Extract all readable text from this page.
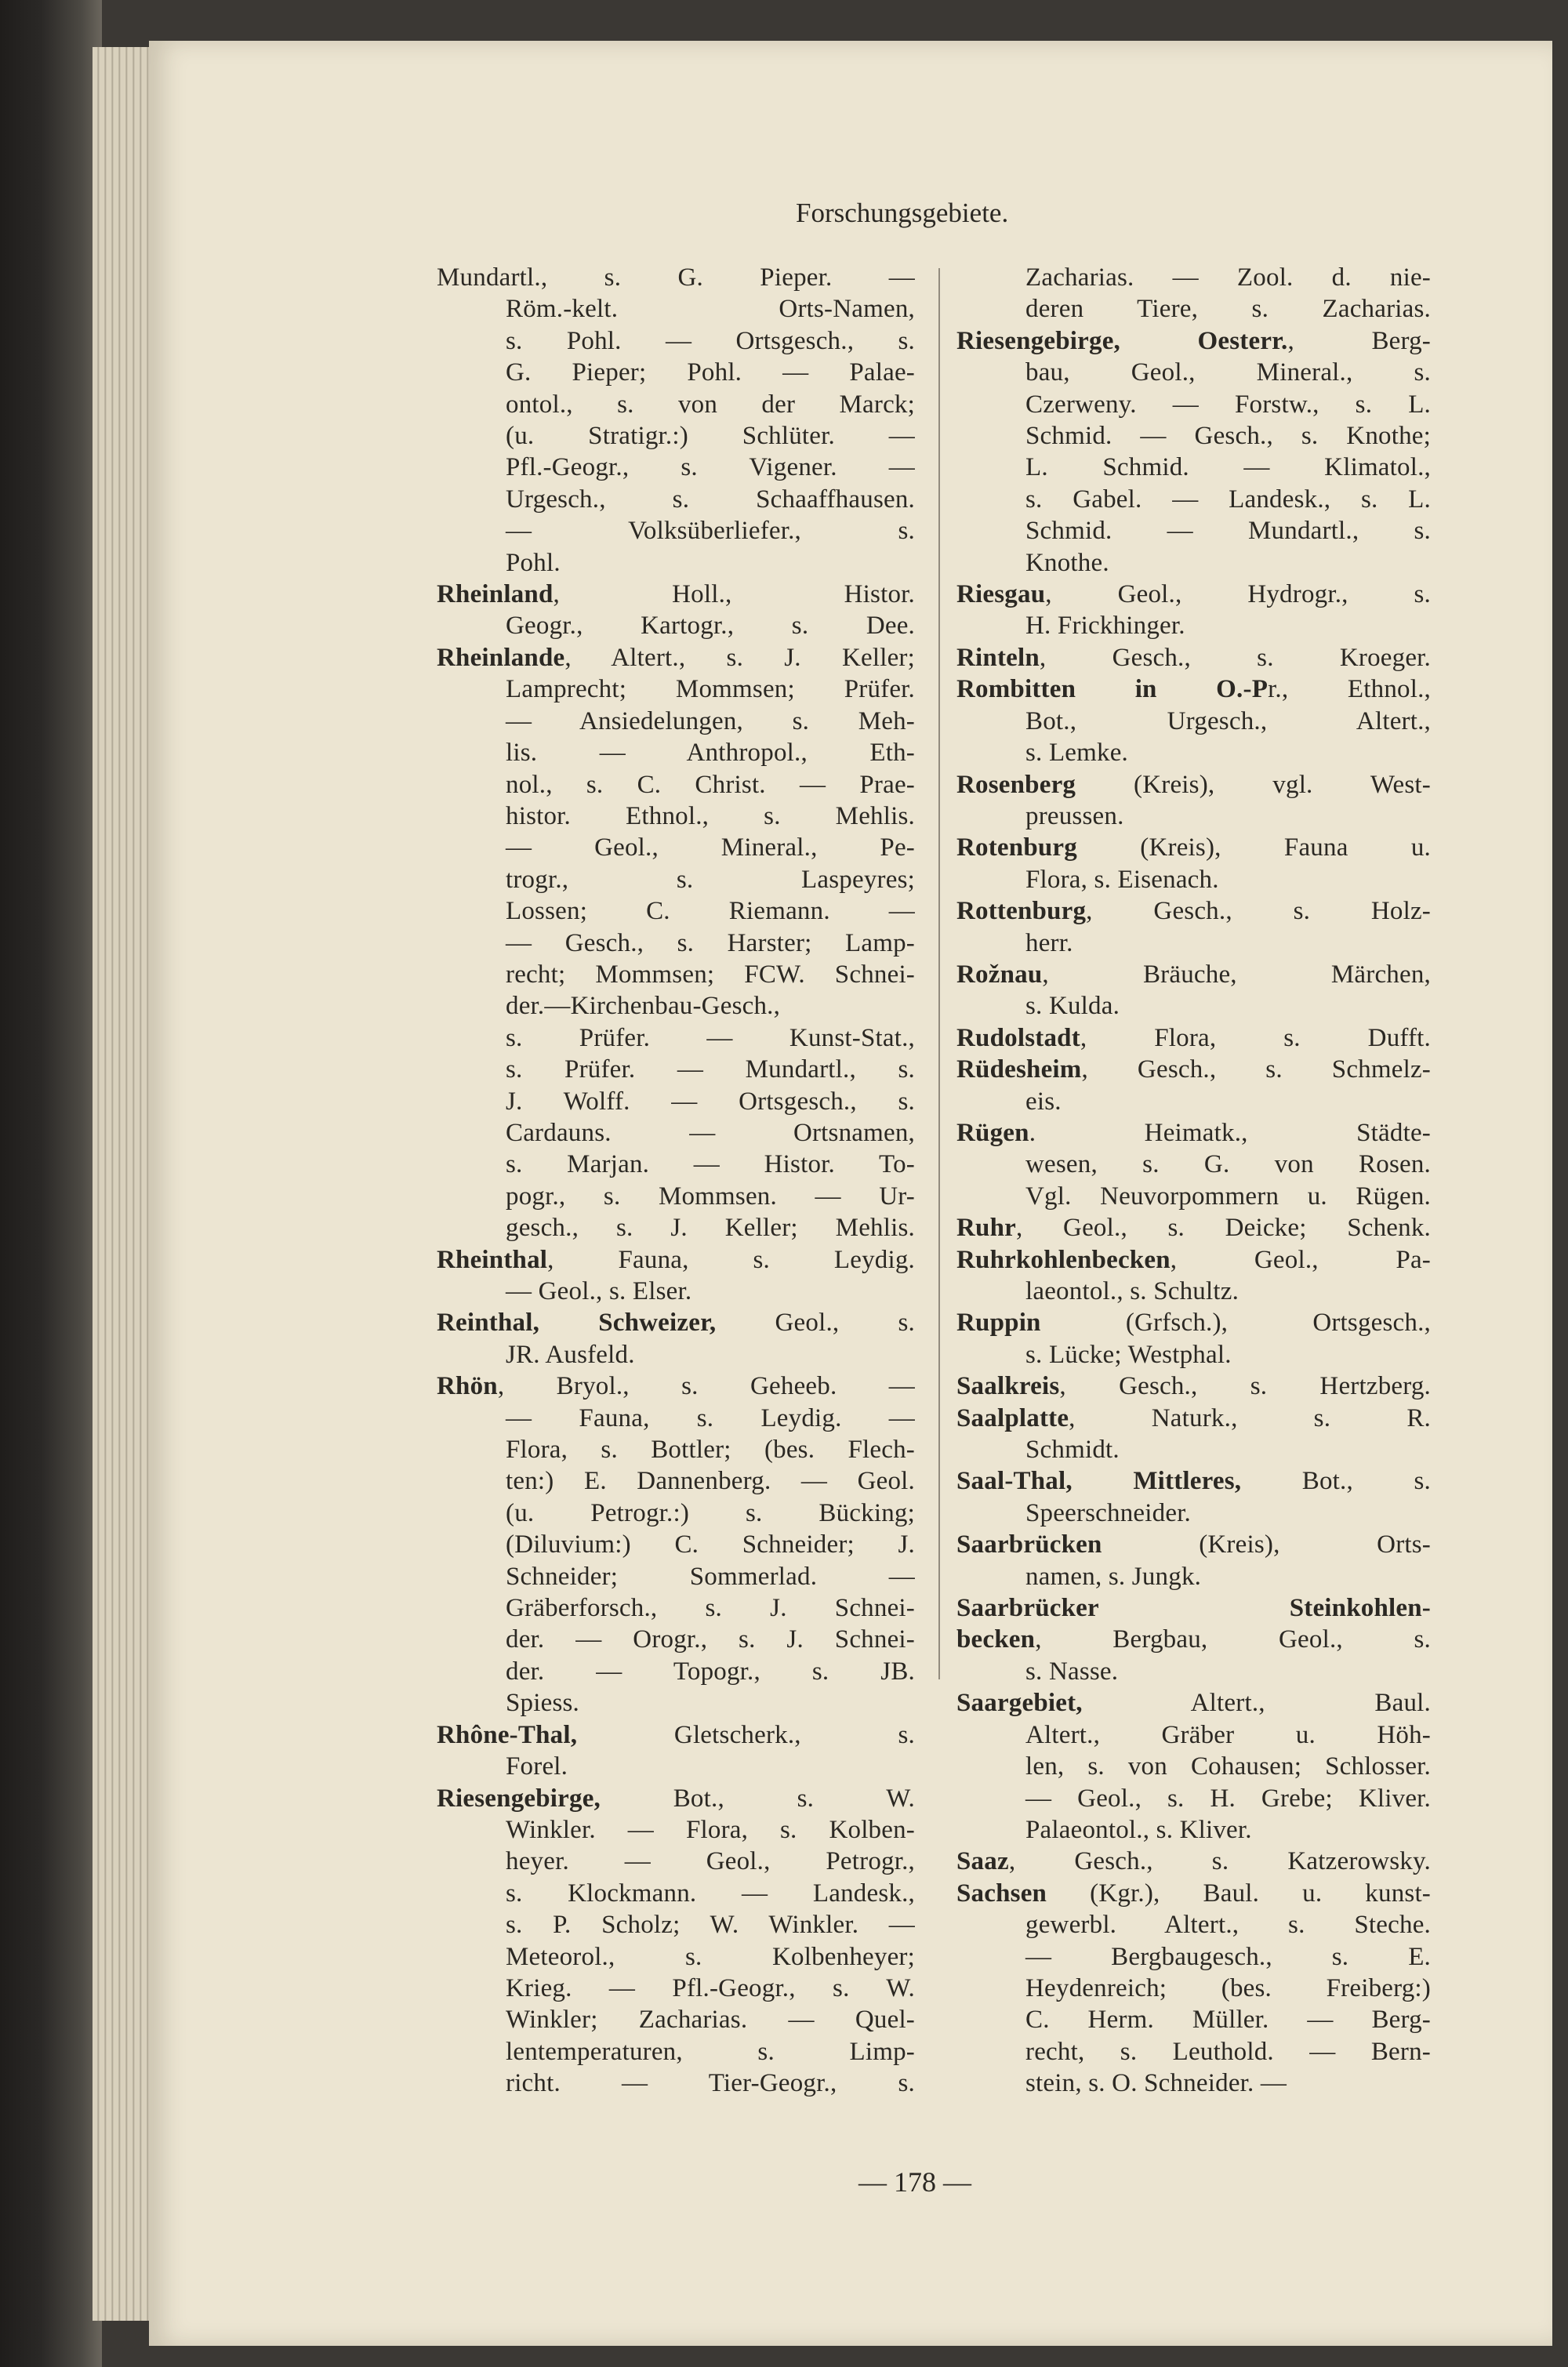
Forschungsgebiete.
Mundartl., s. G. Pieper. —
Röm.-kelt. Orts-Namen,
s. Pohl. — Ortsgesch., s.
G. Pieper; Pohl. — Palae-
ontol., s. von der Marck;
(u. Stratigr.:) Schlüter. —
Pfl.-Geogr., s. Vigener. —
Urgesch., s. Schaaffhausen.
— Volksüberliefer., s.
Pohl.
Rheinland, Holl., Histor.
Geogr., Kartogr., s. Dee.
Rheinlande, Altert., s. J. Keller;
Lamprecht; Mommsen; Prüfer.
— Ansiedelungen, s. Meh-
lis. — Anthropol., Eth-
nol., s. C. Christ. — Prae-
histor. Ethnol., s. Mehlis.
— Geol., Mineral., Pe-
trogr., s. Laspeyres;
Lossen; C. Riemann. —
— Gesch., s. Harster; Lamp-
recht; Mommsen; FCW. Schnei-
der.—Kirchenbau-Gesch.,
s. Prüfer. — Kunst-Stat.,
s. Prüfer. — Mundartl., s.
J. Wolff. — Ortsgesch., s.
Cardauns. — Ortsnamen,
s. Marjan. — Histor. To-
pogr., s. Mommsen. — Ur-
gesch., s. J. Keller; Mehlis.
Rheinthal, Fauna, s. Leydig.
— Geol., s. Elser.
Reinthal, Schweizer, Geol., s.
JR. Ausfeld.
Rhön, Bryol., s. Geheeb. —
— Fauna, s. Leydig. —
Flora, s. Bottler; (bes. Flech-
ten:) E. Dannenberg. — Geol.
(u. Petrogr.:) s. Bücking;
(Diluvium:) C. Schneider; J.
Schneider; Sommerlad. —
Gräberforsch., s. J. Schnei-
der. — Orogr., s. J. Schnei-
der. — Topogr., s. JB.
Spiess.
Rhône-Thal, Gletscherk., s.
Forel.
Riesengebirge, Bot., s. W.
Winkler. — Flora, s. Kolben-
heyer. — Geol., Petrogr.,
s. Klockmann. — Landesk.,
s. P. Scholz; W. Winkler. —
Meteorol., s. Kolbenheyer;
Krieg. — Pfl.-Geogr., s. W.
Winkler; Zacharias. — Quel-
lentemperaturen, s. Limp-
richt. — Tier-Geogr., s.
Zacharias. — Zool. d. nie-
deren Tiere, s. Zacharias.
Riesengebirge, Oesterr., Berg-
bau, Geol., Mineral., s.
Czerweny. — Forstw., s. L.
Schmid. — Gesch., s. Knothe;
L. Schmid. — Klimatol.,
s. Gabel. — Landesk., s. L.
Schmid. — Mundartl., s.
Knothe.
Riesgau, Geol., Hydrogr., s.
H. Frickhinger.
Rinteln, Gesch., s. Kroeger.
Rombitten in O.-Pr., Ethnol.,
Bot., Urgesch., Altert.,
s. Lemke.
Rosenberg (Kreis), vgl. West-
preussen.
Rotenburg (Kreis), Fauna u.
Flora, s. Eisenach.
Rottenburg, Gesch., s. Holz-
herr.
Rožnau, Bräuche, Märchen,
s. Kulda.
Rudolstadt, Flora, s. Dufft.
Rüdesheim, Gesch., s. Schmelz-
eis.
Rügen. Heimatk., Städte-
wesen, s. G. von Rosen.
Vgl. Neuvorpommern u. Rügen.
Ruhr, Geol., s. Deicke; Schenk.
Ruhrkohlenbecken, Geol., Pa-
laeontol., s. Schultz.
Ruppin (Grfsch.), Ortsgesch.,
s. Lücke; Westphal.
Saalkreis, Gesch., s. Hertzberg.
Saalplatte, Naturk., s. R.
Schmidt.
Saal-Thal, Mittleres, Bot., s.
Speerschneider.
Saarbrücken (Kreis), Orts-
namen, s. Jungk.
Saarbrücker Steinkohlen-
becken, Bergbau, Geol., s.
s. Nasse.
Saargebiet, Altert., Baul.
Altert., Gräber u. Höh-
len, s. von Cohausen; Schlosser.
— Geol., s. H. Grebe; Kliver.
Palaeontol., s. Kliver.
Saaz, Gesch., s. Katzerowsky.
Sachsen (Kgr.), Baul. u. kunst-
gewerbl. Altert., s. Steche.
— Bergbaugesch., s. E.
Heydenreich; (bes. Freiberg:)
C. Herm. Müller. — Berg-
recht, s. Leuthold. — Bern-
stein, s. O. Schneider. —
— 178 —
